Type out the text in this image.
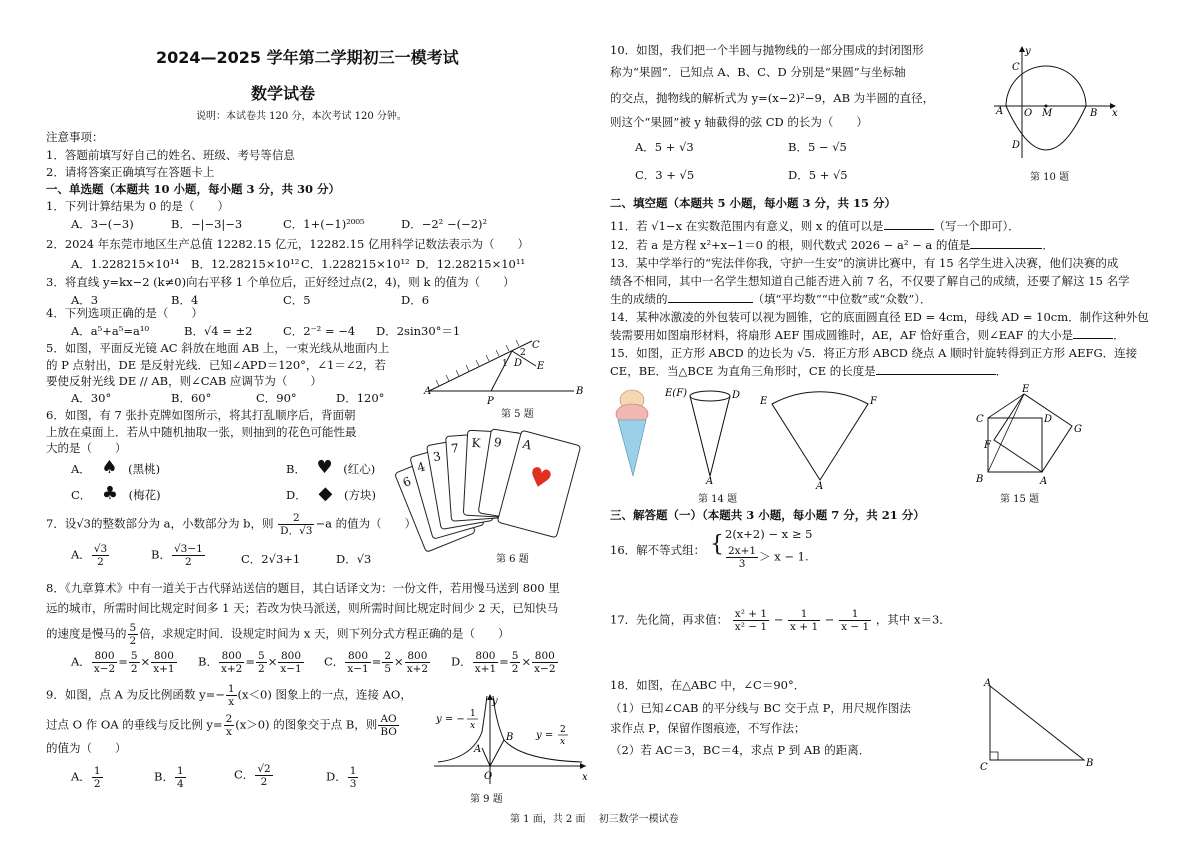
2024—2025 学年第二学期初三一模考试
数学试卷
说明：本试卷共 120 分，本次考试 120 分钟。
注意事项：
1．答题前填写好自己的姓名、班级、考号等信息
2．请将答案正确填写在答题卡上
一、单选题（本题共 10 小题，每小题 3 分，共 30 分）
1．下列计算结果为 0 的是（　　）
A．3−(−3)	B．−|−3|−3	C．1+(−1)²⁰⁰⁵	D．−2² −(−2)²
2．2024 年东莞市地区生产总值 12282.15 亿元，12282.15 亿用科学记数法表示为（　　）
A．1.228215×10¹⁴ B．12.28215×10¹² C．1.228215×10¹² D．12.28215×10¹¹
3．将直线 y=kx−2 (k≠0)向右平移 1 个单位后，正好经过点(2，4)，则 k 的值为（　　）
A．3	B．4	C．5	D．6
4．下列选项正确的是（　　）
A．a⁵+a⁵=a¹⁰	B．√4 = ±2	C．2⁻² = −4 D．2sin30°＝1
5．如图，平面反光镜 AC 斜放在地面 AB 上，一束光线从地面内上
的 P 点射出，DE 是反射光线．已知∠APD＝120°，∠1＝∠2，若
要使反射光线 DE // AB，则∠CAB 应调节为（　　）
A．30°	B．60°	C．90°	D．120°	A	B
C
D E
P
1
2
第 5 题
6．如图，有 7 张扑克牌如图所示，将其打乱顺序后，背面朝
上放在桌面上．若从中随机抽取一张，则抽到的花色可能性最
大的是（　　）
A． ♠ (黑桃)	B． ♥ (红心)
C． ♣ (梅花)	D． ◆ (方块)
6
4
3
7 K 9 A
♥
第 6 题
7．设√3的整数部分为 a，小数部分为 b，则 $\frac{2}{D.√3} -a$ 的值为（　　）
A． $\frac{√3}{2}$	B． $\frac{√3-1}{2}$	C．2√3+1	D．√3
8．《九章算术》中有一道关于古代驿站送信的题目，其白话译文为：一份文件，若用慢马送到 800 里
远的城市，所需时间比规定时间多 1 天；若改为快马派送，则所需时间比规定时间少 2 天，已知快马
的速度是慢马的 $\frac{5}{2}$ 倍，求规定时间．设规定时间为 x 天，则下列分式方程正确的是（　　）
A． $\frac{800}{x-2} = \frac{5}{2} \times \frac{800}{x+1}$ B． $\frac{800}{x+2} = \frac{5}{2} \times \frac{800}{x-1}$ C． $\frac{800}{x-1} = \frac{2}{5} \times \frac{800}{x+2}$ D． $\frac{800}{x+1} = \frac{5}{2} \times \frac{800}{x-2}$
9．如图，点 A 为反比例函数 $y=- \frac{1}{x} (x<0)$ 图象上的一点，连接 AO，
过点 O 作 OA 的垂线与反比例 $y= \frac{2}{x} (x>0)$ 的图象交于点 B，则 $\frac{AO}{BO}$
的值为（　　）
A． $\frac{1}{2}$	B． $\frac{1}{4}$	C． $\frac{√2}{2}$	D． $\frac{1}{3}$
y
x
O
A
B
y = − 1
x
y = 2
x
第 9 题
10．如图，我们把一个半圆与抛物线的一部分围成的封闭图形
称为“果圆”．已知点 A、B、C、D 分别是“果圆”与坐标轴
的交点，抛物线的解析式为 y=(x−2)²−9，AB 为半圆的直径，
则这个“果圆”被 y 轴截得的弦 CD 的长为（　　）
A．5 + √3	B．5 − √5
C．3 + √5	D．5 + √5
C
y
x
A O M	B
D
第 10 题
二、填空题（本题共 5 小题，每小题 3 分，共 15 分）
11．若 √1−x 在实数范围内有意义，则 x 的值可以是	（写一个即可）．
12．若 a 是方程 x²+x−1＝0 的根，则代数式 2026 − a² − a 的值是	．
13．某中学举行的“宪法伴你我，守护一生安”的演讲比赛中，有 15 名学生进入决赛，他们决赛的成
绩各不相同，其中一名学生想知道自己能否进入前 7 名，不仅要了解自己的成绩，还要了解这 15 名学
生的成绩的	（填“平均数”“中位数”或“众数”）．
14．某种冰激凌的外包装可以视为圆锥，它的底面圆直径 ED = 4cm，母线 AD = 10cm．制作这种外包
装需要用如图扇形材料，将扇形 AEF 围成圆锥时，AE，AF 恰好重合，则∠EAF 的大小是	．
15．如图，正方形 ABCD 的边长为 √5．将正方形 ABCD 绕点 A 顺时针旋转得到正方形 AEFG．连接
CE，BE．当△BCE 为直角三角形时，CE 的长度是	．
E(F)	D
A
第 14 题
E	F
A
E
G
C	D
F
B	A
第 15 题
三、解答题（一）（本题共 3 小题，每小题 7 分，共 21 分）
16．解不等式组： { 2(x+2) − x ≥ 5
$\frac{2x+1}{3} > x - 1$.
17．先化简，再求值： $\frac{\text{x² + 1}}{\text{x² − 1}} - \frac{1}{x + 1} - \frac{1}{x - 1}$ ，其中 x＝3．
18．如图，在△ABC 中，∠C＝90°．
（1）已知∠CAB 的平分线与 BC 交于点 P，用尺规作图法
求作点 P，保留作图痕迹，不写作法；
（2）若 AC＝3，BC＝4，求点 P 到 AB 的距离．
A
C	B
第 1 面，共 2 面　 初三数学一模试卷
